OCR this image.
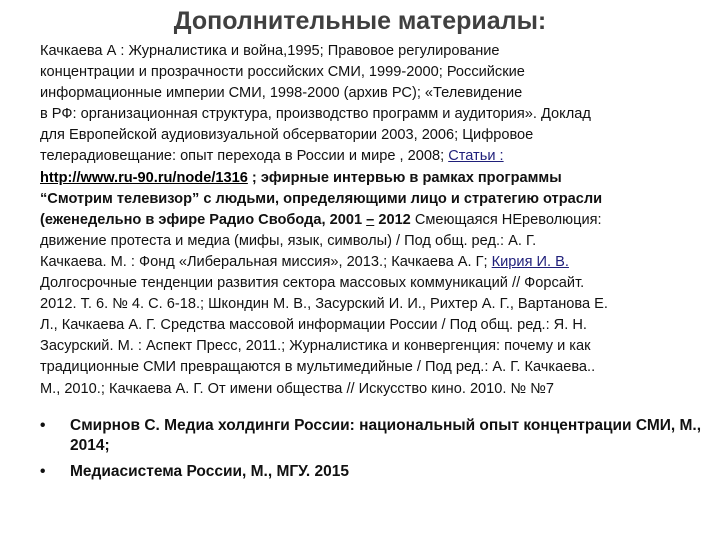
Дополнительные материалы:
Качкаева А : Журналистика и война,1995; Правовое регулирование
концентрации и прозрачности российских СМИ, 1999-2000; Российские
информационные империи СМИ, 1998-2000 (архив РС); «Телевидение
в РФ: организационная структура, производство программ и аудитория». Доклад
для Европейской аудиовизуальной обсерватории 2003, 2006; Цифровое
телерадиовещание: опыт перехода в России и мире , 2008; Статьи :
http://www.ru-90.ru/node/1316 ; эфирные интервью в рамках программы
“Смотрим телевизор” с людьми, определяющими лицо и стратегию отрасли
(еженедельно в эфире Радио Свобода, 2001 – 2012 Смеющаяся НЕреволюция:
движение протеста и медиа (мифы, язык, символы) / Под общ. ред.: А. Г.
Качкаева. М. : Фонд «Либеральная миссия», 2013.; Качкаева А. Г; Кирия И. В.
Долгосрочные тенденции развития сектора массовых коммуникаций // Форсайт.
2012. Т. 6. № 4. С. 6-18.; Шкондин М. В., Засурский И. И., Рихтер А. Г., Вартанова Е.
Л., Качкаева А. Г. Средства массовой информации России / Под общ. ред.: Я. Н.
Засурский. М. : Аспект Пресс, 2011.; Журналистика и конвергенция: почему и как
традиционные СМИ превращаются в мультимедийные / Под ред.: А. Г. Качкаева..
М., 2010.; Качкаева А. Г. От имени общества // Искусство кино. 2010. № №7
•	Смирнов С. Медиа холдинги России: национальный опыт концентрации СМИ, М., 2014;
•	Медиасистема России, М., МГУ. 2015
